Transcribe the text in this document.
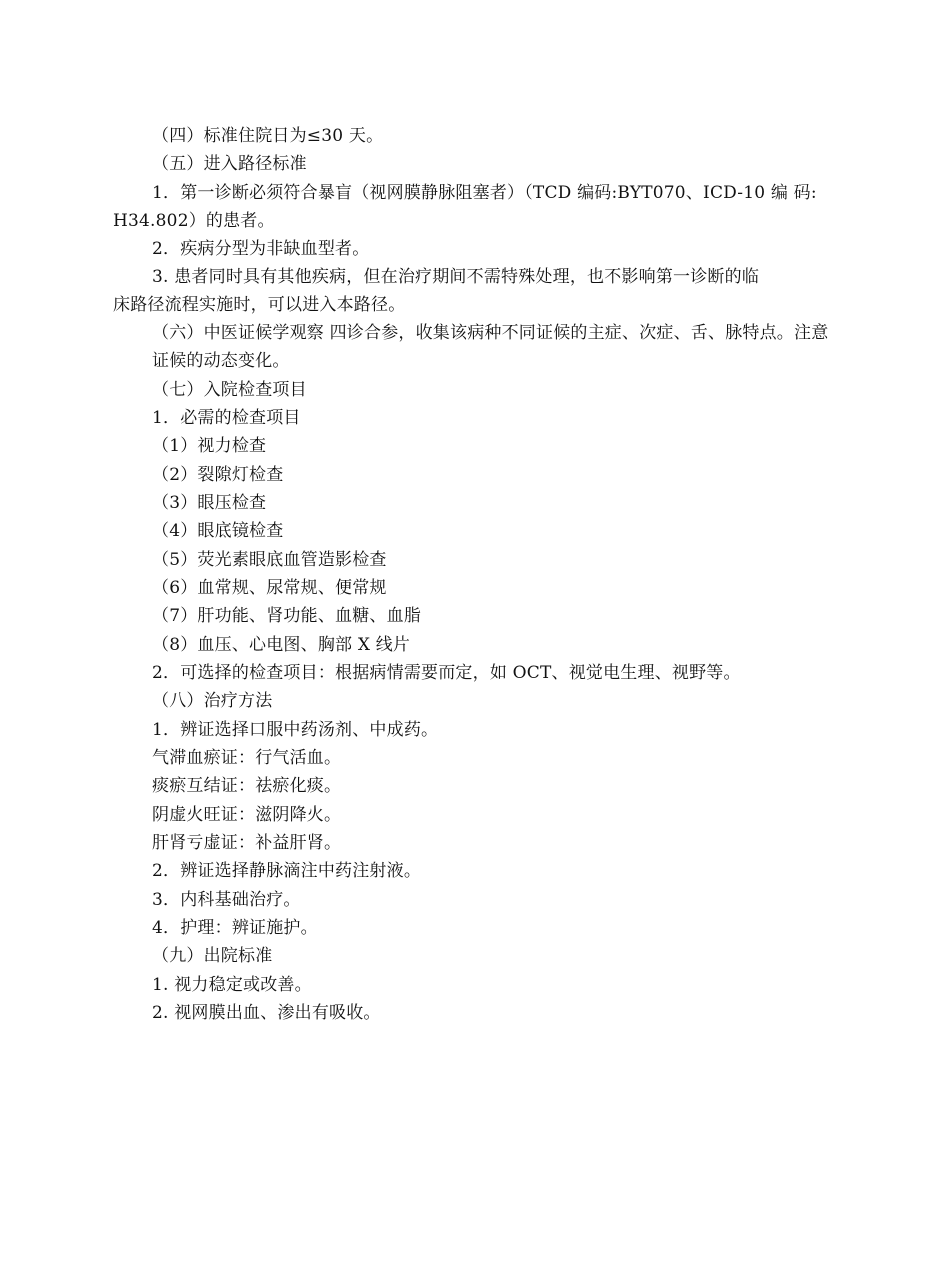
（四）标准住院日为≤30 天。
（五）进入路径标准
1．第一诊断必须符合暴盲（视网膜静脉阻塞者）（TCD 编码:BYT070、ICD-10 编 码:
H34.802）的患者。
2．疾病分型为非缺血型者。
3. 患者同时具有其他疾病，但在治疗期间不需特殊处理，也不影响第一诊断的临
床路径流程实施时，可以进入本路径。
（六）中医证候学观察 四诊合参，收集该病种不同证候的主症、次症、舌、脉特点。注意
证候的动态变化。
（七）入院检查项目
1．必需的检查项目
（1）视力检查
（2）裂隙灯检查
（3）眼压检查
（4）眼底镜检查
（5）荧光素眼底血管造影检查
（6）血常规、尿常规、便常规
（7）肝功能、肾功能、血糖、血脂
（8）血压、心电图、胸部 X 线片
2．可选择的检查项目：根据病情需要而定，如 OCT、视觉电生理、视野等。
（八）治疗方法
1．辨证选择口服中药汤剂、中成药。
气滞血瘀证：行气活血。
痰瘀互结证：祛瘀化痰。
阴虚火旺证：滋阴降火。
肝肾亏虚证：补益肝肾。
2．辨证选择静脉滴注中药注射液。
3．内科基础治疗。
4．护理：辨证施护。
（九）出院标准
1. 视力稳定或改善。
2. 视网膜出血、渗出有吸收。
